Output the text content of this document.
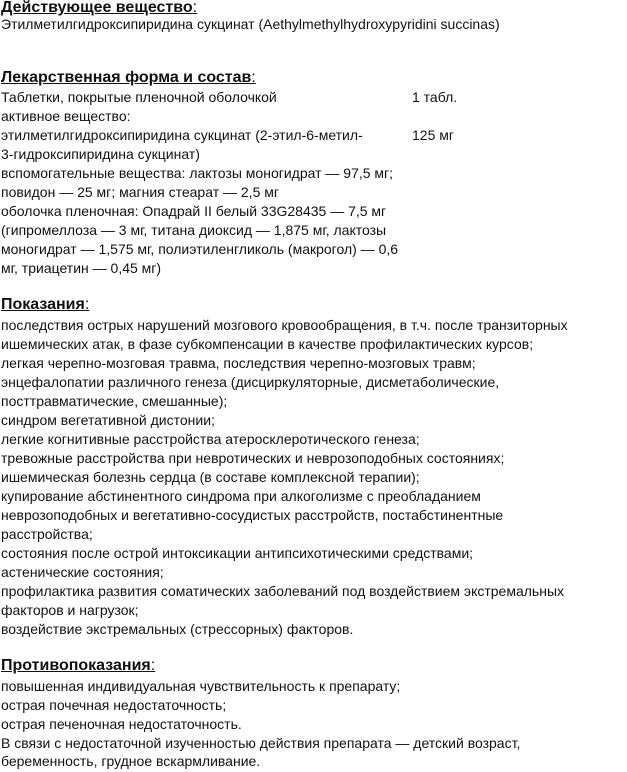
Действующее вещество:
Этилметилгидроксипиридина сукцинат (Aethylmethylhydroxypyridini succinas)
Лекарственная форма и состав:
Таблетки, покрытые пленочной оболочкой	1 табл.
активное вещество:
этилметилгидроксипиридина сукцинат (2-этил-6-метил-	125 мг
3-гидроксипиридина сукцинат)
вспомогательные вещества: лактозы моногидрат — 97,5 мг;
повидон — 25 мг; магния стеарат — 2,5 мг
оболочка пленочная: Опадрай II белый 33G28435 — 7,5 мг
(гипромеллоза — 3 мг, титана диоксид — 1,875 мг, лактозы
моногидрат — 1,575 мг, полиэтиленгликоль (макрогол) — 0,6
мг, триацетин — 0,45 мг)
Показания:
последствия острых нарушений мозгового кровообращения, в т.ч. после транзиторных
ишемических атак, в фазе субкомпенсации в качестве профилактических курсов;
легкая черепно-мозговая травма, последствия черепно-мозговых травм;
энцефалопатии различного генеза (дисциркуляторные, дисметаболические,
посттравматические, смешанные);
синдром вегетативной дистонии;
легкие когнитивные расстройства атеросклеротического генеза;
тревожные расстройства при невротических и неврозоподобных состояниях;
ишемическая болезнь сердца (в составе комплексной терапии);
купирование абстинентного синдрома при алкоголизме с преобладанием
неврозоподобных и вегетативно-сосудистых расстройств, постабстинентные
расстройства;
состояния после острой интоксикации антипсихотическими средствами;
астенические состояния;
профилактика развития соматических заболеваний под воздействием экстремальных
факторов и нагрузок;
воздействие экстремальных (стрессорных) факторов.
Противопоказания:
повышенная индивидуальная чувствительность к препарату;
острая почечная недостаточность;
острая печеночная недостаточность.
В связи с недостаточной изученностью действия препарата — детский возраст,
беременность, грудное вскармливание.
